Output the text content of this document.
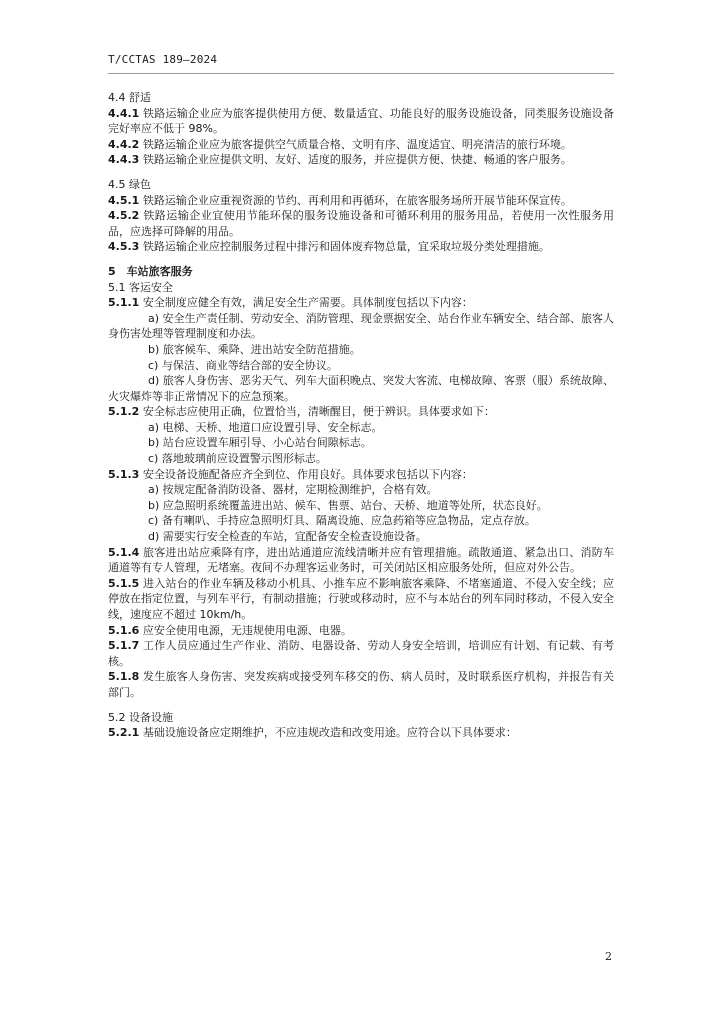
T/CCTAS 189—2024

4.4 舒适

4.4.1 铁路运输企业应为旅客提供使用方便、数量适宜、功能良好的服务设施设备，同类服务设施设备完好率应不低于 98%。

4.4.2 铁路运输企业应为旅客提供空气质量合格、文明有序、温度适宜、明亮清洁的旅行环境。

4.4.3 铁路运输企业应提供文明、友好、适度的服务，并应提供方便、快捷、畅通的客户服务。

4.5 绿色

4.5.1 铁路运输企业应重视资源的节约、再利用和再循环，在旅客服务场所开展节能环保宣传。

4.5.2 铁路运输企业宜使用节能环保的服务设施设备和可循环利用的服务用品，若使用一次性服务用品，应选择可降解的用品。

4.5.3 铁路运输企业应控制服务过程中排污和固体废弃物总量，宜采取垃圾分类处理措施。

5　车站旅客服务

5.1 客运安全

5.1.1 安全制度应健全有效，满足安全生产需要。具体制度包括以下内容：

a) 安全生产责任制、劳动安全、消防管理、现金票据安全、站台作业车辆安全、结合部、旅客人身伤害处理等管理制度和办法。

b) 旅客候车、乘降、进出站安全防范措施。

c) 与保洁、商业等结合部的安全协议。

d) 旅客人身伤害、恶劣天气、列车大面积晚点、突发大客流、电梯故障、客票（服）系统故障、火灾爆炸等非正常情况下的应急预案。

5.1.2 安全标志应使用正确，位置恰当，清晰醒目，便于辨识。具体要求如下：

a) 电梯、天桥、地道口应设置引导、安全标志。

b) 站台应设置车厢引导、小心站台间隙标志。

c) 落地玻璃前应设置警示图形标志。

5.1.3 安全设备设施配备应齐全到位、作用良好。具体要求包括以下内容：

a) 按规定配备消防设备、器材，定期检测维护，合格有效。

b) 应急照明系统覆盖进出站、候车、售票、站台、天桥、地道等处所，状态良好。

c) 备有喇叭、手持应急照明灯具、隔离设施、应急药箱等应急物品，定点存放。

d) 需要实行安全检查的车站，宜配备安全检查设施设备。

5.1.4 旅客进出站应乘降有序，进出站通道应流线清晰并应有管理措施。疏散通道、紧急出口、消防车通道等有专人管理，无堵塞。夜间不办理客运业务时，可关闭站区相应服务处所，但应对外公告。

5.1.5 进入站台的作业车辆及移动小机具、小推车应不影响旅客乘降、不堵塞通道、不侵入安全线；应停放在指定位置，与列车平行，有制动措施；行驶或移动时，应不与本站台的列车同时移动，不侵入安全线，速度应不超过 10km/h。

5.1.6 应安全使用电源，无违规使用电源、电器。

5.1.7 工作人员应通过生产作业、消防、电器设备、劳动人身安全培训，培训应有计划、有记载、有考核。

5.1.8 发生旅客人身伤害、突发疾病或接受列车移交的伤、病人员时，及时联系医疗机构，并报告有关部门。

5.2 设备设施

5.2.1 基础设施设备应定期维护，不应违规改造和改变用途。应符合以下具体要求：

2
